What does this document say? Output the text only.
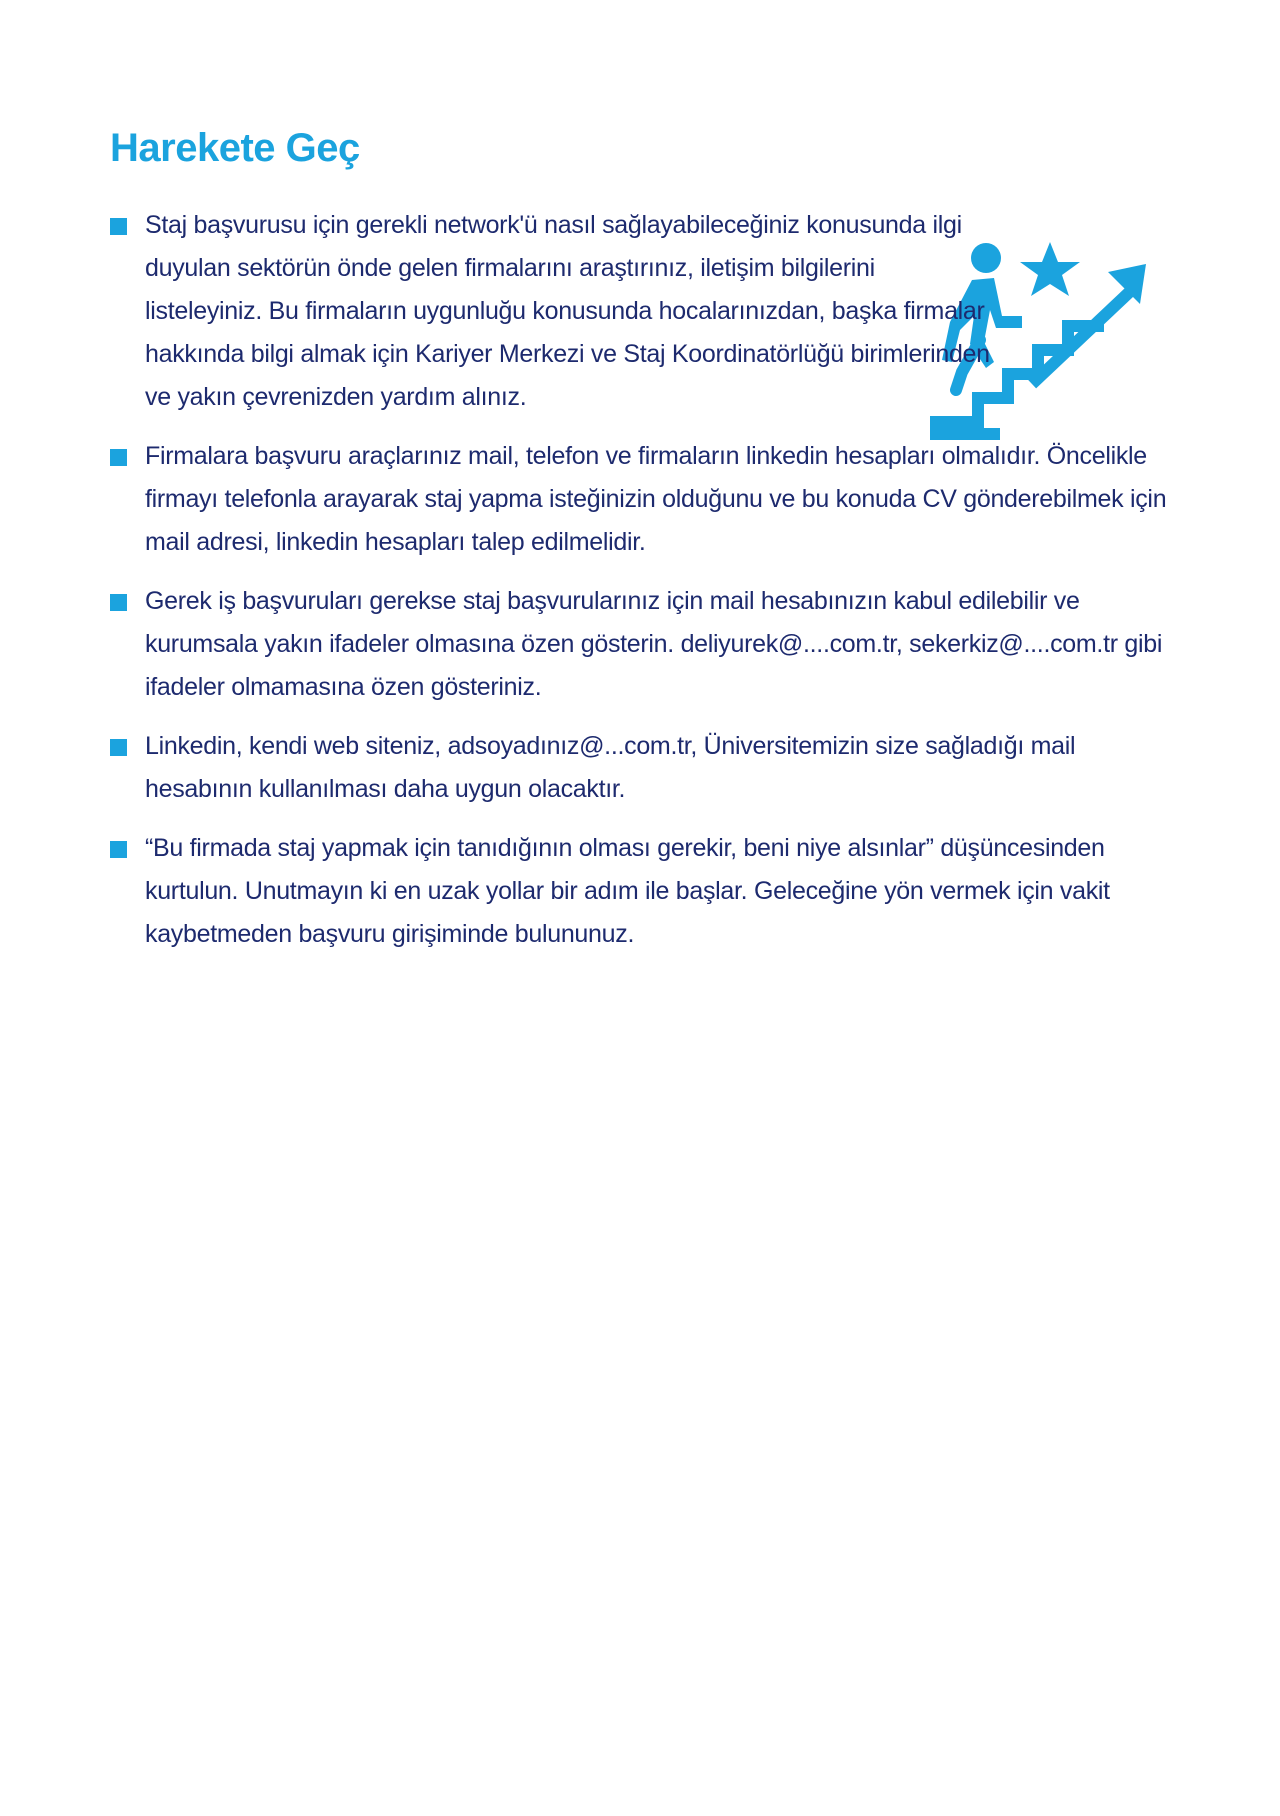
Harekete Geç
Staj başvurusu için gerekli network'ü nasıl sağlayabileceğiniz konusunda ilgi duyulan sektörün önde gelen firmalarını araştırınız, iletişim bilgilerini listeleyiniz. Bu firmaların uygunluğu konusunda hocalarınızdan, başka firmalar hakkında bilgi almak için Kariyer Merkezi ve Staj Koordinatörlüğü birimlerinden ve yakın çevrenizden yardım alınız.
Firmalara başvuru araçlarınız mail, telefon ve firmaların linkedin hesapları olmalıdır. Öncelikle firmayı telefonla arayarak staj yapma isteğinizin olduğunu ve bu konuda CV gönderebilmek için mail adresi, linkedin hesapları talep edilmelidir.
Gerek iş başvuruları gerekse staj başvurularınız için mail hesabınızın kabul edilebilir ve kurumsala yakın ifadeler olmasına özen gösterin. deliyurek@....com.tr, sekerkiz@....com.tr gibi ifadeler olmamasına özen gösteriniz.
Linkedin, kendi web siteniz, adsoyadınız@...com.tr, Üniversitemizin size sağladığı mail hesabının kullanılması daha uygun olacaktır.
“Bu firmada staj yapmak için tanıdığının olması gerekir, beni niye alsınlar” düşüncesinden kurtulun. Unutmayın ki en uzak yollar bir adım ile başlar. Geleceğine yön vermek için vakit kaybetmeden başvuru girişiminde bulununuz.
